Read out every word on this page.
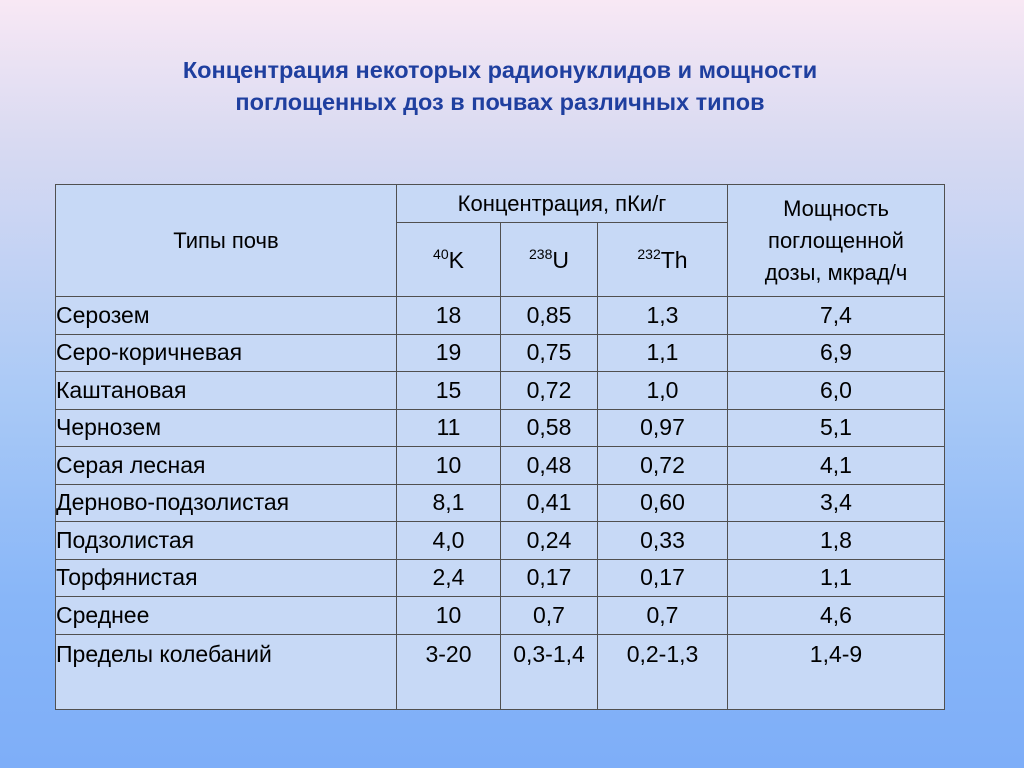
Концентрация некоторых радионуклидов и мощности
поглощенных доз в почвах различных типов
Типы почв	Концентрация, пКи/г			Мощность
поглощенной
дозы, мкрад/ч
	$^{40}$K	$^{238}$U	$^{232}$Th	
Серозем	18	0,85	1,3	7,4
Серо-коричневая	19	0,75	1,1	6,9
Каштановая	15	0,72	1,0	6,0
Чернозем	11	0,58	0,97	5,1
Серая лесная	10	0,48	0,72	4,1
Дерново-подзолистая	8,1	0,41	0,60	3,4
Подзолистая	4,0	0,24	0,33	1,8
Торфянистая	2,4	0,17	0,17	1,1
Среднее	10	0,7	0,7	4,6
Пределы колебаний	3-20	0,3-1,4	0,2-1,3	1,4-9
